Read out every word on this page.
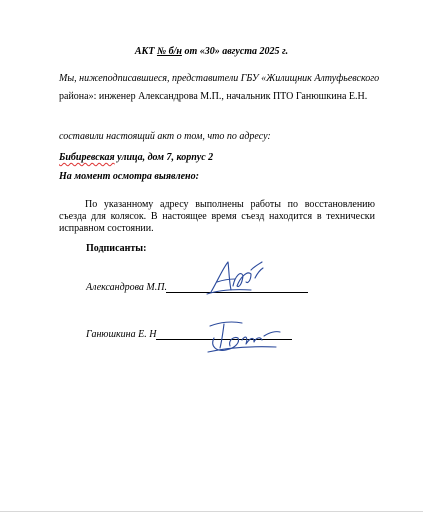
АКТ № б/н от «30» августа 2025 г.
Мы, нижеподписавшиеся, представители ГБУ «Жилищник Алтуфьевского
района»: инженер Александрова М.П., начальник ПТО Ганюшкина Е.Н.
составили настоящий акт о том, что по адресу:
Бибиревская улица, дом 7, корпус 2
На момент осмотра выявлено:
По указанному адресу выполнены работы по восстановлению съезда для колясок. В настоящее время съезд находится в технически исправном состоянии.
Подписанты:
Александрова М.П.
Ганюшкина Е. Н
